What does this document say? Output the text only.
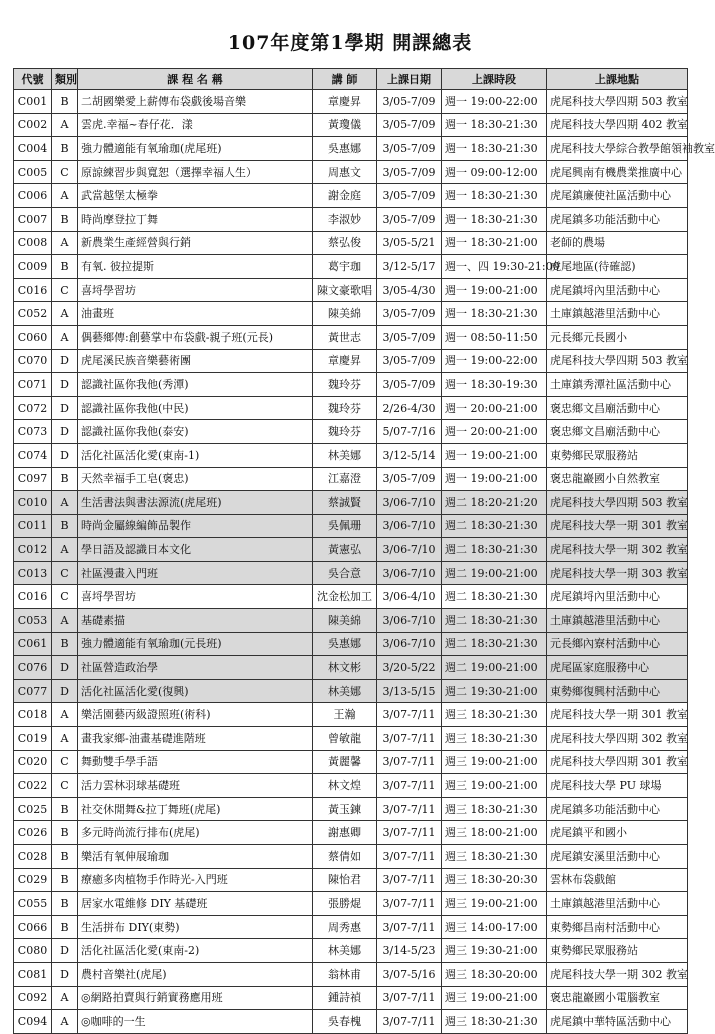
107年度第1學期 開課總表
代號	類別	課 程 名 稱	講 師	上課日期	上課時段	上課地點
C001	B	二胡國樂愛上薪傳布袋戲後場音樂	章慶昇	3/05-7/09	週一 19:00-22:00	虎尾科技大學四期 503 教室
C002	A	雲虎.幸福~春仔花．漾	黃瓊儀	3/05-7/09	週一 18:30-21:30	虎尾科技大學四期 402 教室
C004	B	強力體適能有氧瑜珈(虎尾班)	吳惠娜	3/05-7/09	週一 18:30-21:30	虎尾科技大學綜合教學館領袖教室
C005	C	原諒練習步與寬恕（選擇幸福人生）	周惠文	3/05-7/09	週一 09:00-12:00	虎尾興南有機農業推廣中心
C006	A	武當越堡太極拳	謝金庭	3/05-7/09	週一 18:30-21:30	虎尾鎮廉使社區活動中心
C007	B	時尚摩登拉丁舞	李淑妙	3/05-7/09	週一 18:30-21:30	虎尾鎮多功能活動中心
C008	A	新農業生產經營與行銷	蔡弘俊	3/05-5/21	週一 18:30-21:00	老師的農場
C009	B	有氧. 彼拉提斯	葛宇珈	3/12-5/17	週一、四 19:30-21:00	虎尾地區(待確認)
C016	C	喜埒學習坊	陳文豪歌唱	3/05-4/30	週一 19:00-21:00	虎尾鎮埒內里活動中心
C052	A	油畫班	陳美綿	3/05-7/09	週一 18:30-21:30	土庫鎮越港里活動中心
C060	A	偶藝鄉傳:創藝掌中布袋戲-親子班(元長)	黃世志	3/05-7/09	週一 08:50-11:50	元長鄉元長國小
C070	D	虎尾溪民族音樂藝術團	章慶昇	3/05-7/09	週一 19:00-22:00	虎尾科技大學四期 503 教室
C071	D	認識社區你我他(秀潭)	魏玲芬	3/05-7/09	週一 18:30-19:30	土庫鎮秀潭社區活動中心
C072	D	認識社區你我他(中民)	魏玲芬	2/26-4/30	週一 20:00-21:00	褒忠鄉文昌廟活動中心
C073	D	認識社區你我他(泰安)	魏玲芬	5/07-7/16	週一 20:00-21:00	褒忠鄉文昌廟活動中心
C074	D	活化社區活化愛(東南-1)	林美娜	3/12-5/14	週一 19:00-21:00	東勢鄉民眾服務站
C097	B	天然幸福手工皂(褒忠)	江嘉澄	3/05-7/09	週一 19:00-21:00	褒忠龍巖國小自然教室
C010	A	生活書法與書法源流(虎尾班)	蔡誠賢	3/06-7/10	週二 18:20-21:20	虎尾科技大學四期 503 教室
C011	B	時尚金屬線編飾品製作	吳佩珊	3/06-7/10	週二 18:30-21:30	虎尾科技大學一期 301 教室
C012	A	學日語及認識日本文化	黃憲弘	3/06-7/10	週二 18:30-21:30	虎尾科技大學一期 302 教室
C013	C	社區漫畫入門班	吳合意	3/06-7/10	週二 19:00-21:00	虎尾科技大學一期 303 教室
C016	C	喜埒學習坊	沈金松加工	3/06-4/10	週二 18:30-21:30	虎尾鎮埒內里活動中心
C053	A	基礎素描	陳美綿	3/06-7/10	週二 18:30-21:30	土庫鎮越港里活動中心
C061	B	強力體適能有氧瑜珈(元長班)	吳惠娜	3/06-7/10	週二 18:30-21:30	元長鄉內寮村活動中心
C076	D	社區營造政治學	林文彬	3/20-5/22	週二 19:00-21:00	虎尾區家庭服務中心
C077	D	活化社區活化愛(復興)	林美娜	3/13-5/15	週二 19:30-21:00	東勢鄉復興村活動中心
C018	A	樂活園藝丙級證照班(術科)	王瀚	3/07-7/11	週三 18:30-21:30	虎尾科技大學一期 301 教室
C019	A	畫我家鄉-油畫基礎進階班	曾敏龍	3/07-7/11	週三 18:30-21:30	虎尾科技大學四期 302 教室
C020	C	舞動雙手學手語	黃麗馨	3/07-7/11	週三 19:00-21:00	虎尾科技大學四期 301 教室
C022	C	活力雲林羽球基礎班	林文煌	3/07-7/11	週三 19:00-21:00	虎尾科技大學 PU 球場
C025	B	社交休閒舞&拉丁舞班(虎尾)	黃玉鍊	3/07-7/11	週三 18:30-21:30	虎尾鎮多功能活動中心
C026	B	多元時尚流行排布(虎尾)	謝惠卿	3/07-7/11	週三 18:00-21:00	虎尾鎮平和國小
C028	B	樂活有氧伸展瑜珈	蔡倩如	3/07-7/11	週三 18:30-21:30	虎尾鎮安溪里活動中心
C029	B	療癒多肉植物手作時光-入門班	陳怡君	3/07-7/11	週三 18:30-20:30	雲林布袋戲館
C055	B	居家水電維修 DIY 基礎班	張勝焜	3/07-7/11	週三 19:00-21:00	土庫鎮越港里活動中心
C066	B	生活拼布 DIY(東勢)	周秀惠	3/07-7/11	週三 14:00-17:00	東勢鄉昌南村活動中心
C080	D	活化社區活化愛(東南-2)	林美娜	3/14-5/23	週三 19:30-21:00	東勢鄉民眾服務站
C081	D	農村音樂社(虎尾)	翁林甫	3/07-5/16	週三 18:30-20:00	虎尾科技大學一期 302 教室
C092	A	◎網路拍賣與行銷實務應用班	鍾詩禎	3/07-7/11	週三 19:00-21:00	褒忠龍巖國小電腦教室
C094	A	◎咖啡的一生	吳春槐	3/07-7/11	週三 18:30-21:30	虎尾鎮中華特區活動中心
